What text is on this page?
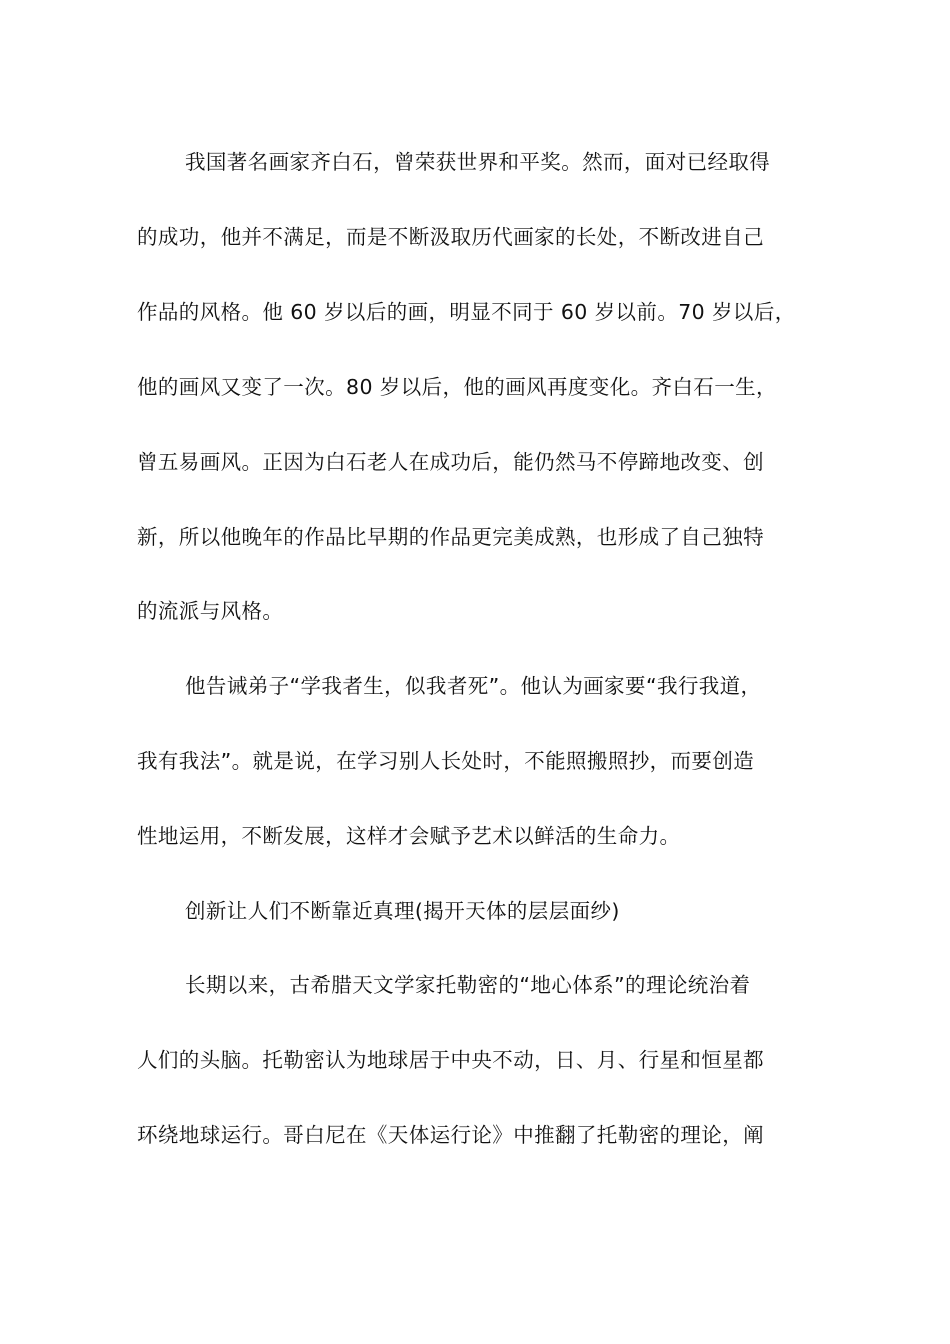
我国著名画家齐白石，曾荣获世界和平奖。然而，面对已经取得
的成功，他并不满足，而是不断汲取历代画家的长处，不断改进自己
作品的风格。他 60 岁以后的画，明显不同于 60 岁以前。70 岁以后，
他的画风又变了一次。80 岁以后，他的画风再度变化。齐白石一生，
曾五易画风。正因为白石老人在成功后，能仍然马不停蹄地改变、创
新，所以他晚年的作品比早期的作品更完美成熟，也形成了自己独特
的流派与风格。
他告诫弟子“学我者生，似我者死”。他认为画家要“我行我道，
我有我法”。就是说，在学习别人长处时，不能照搬照抄，而要创造
性地运用，不断发展，这样才会赋予艺术以鲜活的生命力。
创新让人们不断靠近真理(揭开天体的层层面纱)
长期以来，古希腊天文学家托勒密的“地心体系”的理论统治着
人们的头脑。托勒密认为地球居于中央不动，日、月、行星和恒星都
环绕地球运行。哥白尼在《天体运行论》中推翻了托勒密的理论，阐
